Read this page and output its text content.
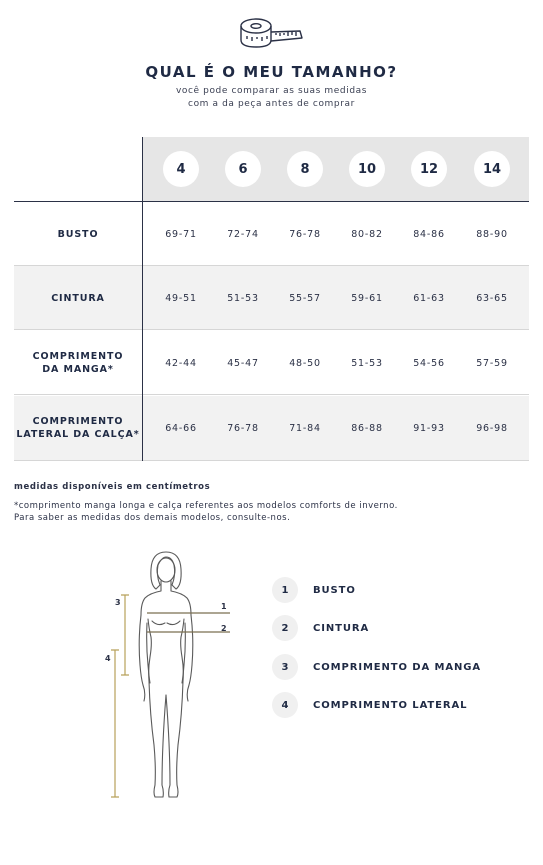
QUAL É O MEU TAMANHO?
você pode comparar as suas medidas
com a da peça antes de comprar
4	6	8	10	12	14
BUSTO	69-71	72-74	76-78	80-82	84-86	88-90
CINTURA	49-51	51-53	55-57	59-61	61-63	63-65
COMPRIMENTO
DA MANGA*
42-44	45-47	48-50	51-53	54-56	57-59
COMPRIMENTO
LATERAL DA CALÇA*
64-66	76-78	71-84	86-88	91-93	96-98
medidas disponíveis em centímetros
*comprimento manga longa e calça referentes aos modelos comforts de inverno.
Para saber as medidas dos demais modelos, consulte-nos.
1
2
3
4
1	BUSTO
2	CINTURA
3	COMPRIMENTO DA MANGA
4	COMPRIMENTO LATERAL
